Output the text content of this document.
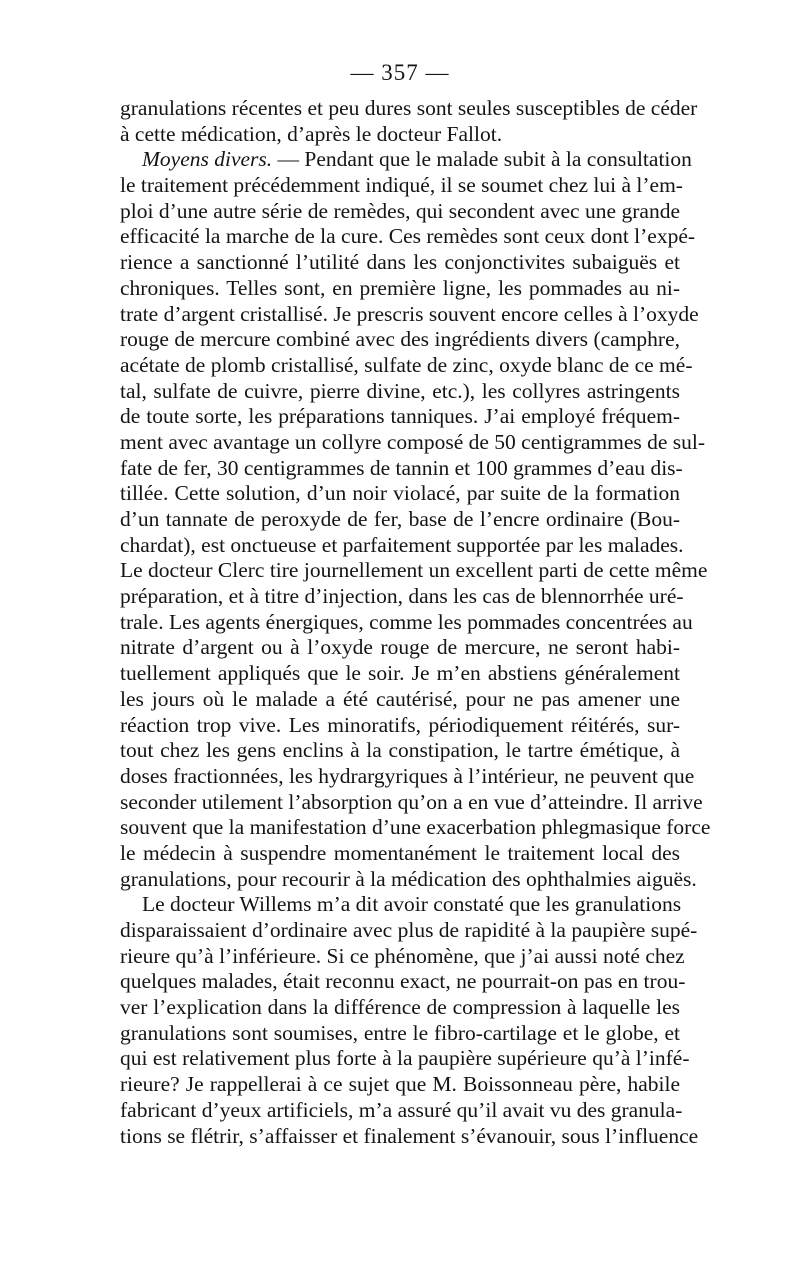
— 357 —
granulations récentes et peu dures sont seules susceptibles de céder
à cette médication, d’après le docteur Fallot.
Moyens divers. — Pendant que le malade subit à la consultation
le traitement précédemment indiqué, il se soumet chez lui à l’em-
ploi d’une autre série de remèdes, qui secondent avec une grande
efficacité la marche de la cure. Ces remèdes sont ceux dont l’expé-
rience a sanctionné l’utilité dans les conjonctivites subaiguës et
chroniques. Telles sont, en première ligne, les pommades au ni-
trate d’argent cristallisé. Je prescris souvent encore celles à l’oxyde
rouge de mercure combiné avec des ingrédients divers (camphre,
acétate de plomb cristallisé, sulfate de zinc, oxyde blanc de ce mé-
tal, sulfate de cuivre, pierre divine, etc.), les collyres astringents
de toute sorte, les préparations tanniques. J’ai employé fréquem-
ment avec avantage un collyre composé de 50 centigrammes de sul-
fate de fer, 30 centigrammes de tannin et 100 grammes d’eau dis-
tillée. Cette solution, d’un noir violacé, par suite de la formation
d’un tannate de peroxyde de fer, base de l’encre ordinaire (Bou-
chardat), est onctueuse et parfaitement supportée par les malades.
Le docteur Clerc tire journellement un excellent parti de cette même
préparation, et à titre d’injection, dans les cas de blennorrhée uré-
trale. Les agents énergiques, comme les pommades concentrées au
nitrate d’argent ou à l’oxyde rouge de mercure, ne seront habi-
tuellement appliqués que le soir. Je m’en abstiens généralement
les jours où le malade a été cautérisé, pour ne pas amener une
réaction trop vive. Les minoratifs, périodiquement réitérés, sur-
tout chez les gens enclins à la constipation, le tartre émétique, à
doses fractionnées, les hydrargyriques à l’intérieur, ne peuvent que
seconder utilement l’absorption qu’on a en vue d’atteindre. Il arrive
souvent que la manifestation d’une exacerbation phlegmasique force
le médecin à suspendre momentanément le traitement local des
granulations, pour recourir à la médication des ophthalmies aiguës.
Le docteur Willems m’a dit avoir constaté que les granulations
disparaissaient d’ordinaire avec plus de rapidité à la paupière supé-
rieure qu’à l’inférieure. Si ce phénomène, que j’ai aussi noté chez
quelques malades, était reconnu exact, ne pourrait-on pas en trou-
ver l’explication dans la différence de compression à laquelle les
granulations sont soumises, entre le fibro-cartilage et le globe, et
qui est relativement plus forte à la paupière supérieure qu’à l’infé-
rieure? Je rappellerai à ce sujet que M. Boissonneau père, habile
fabricant d’yeux artificiels, m’a assuré qu’il avait vu des granula-
tions se flétrir, s’affaisser et finalement s’évanouir, sous l’influence
